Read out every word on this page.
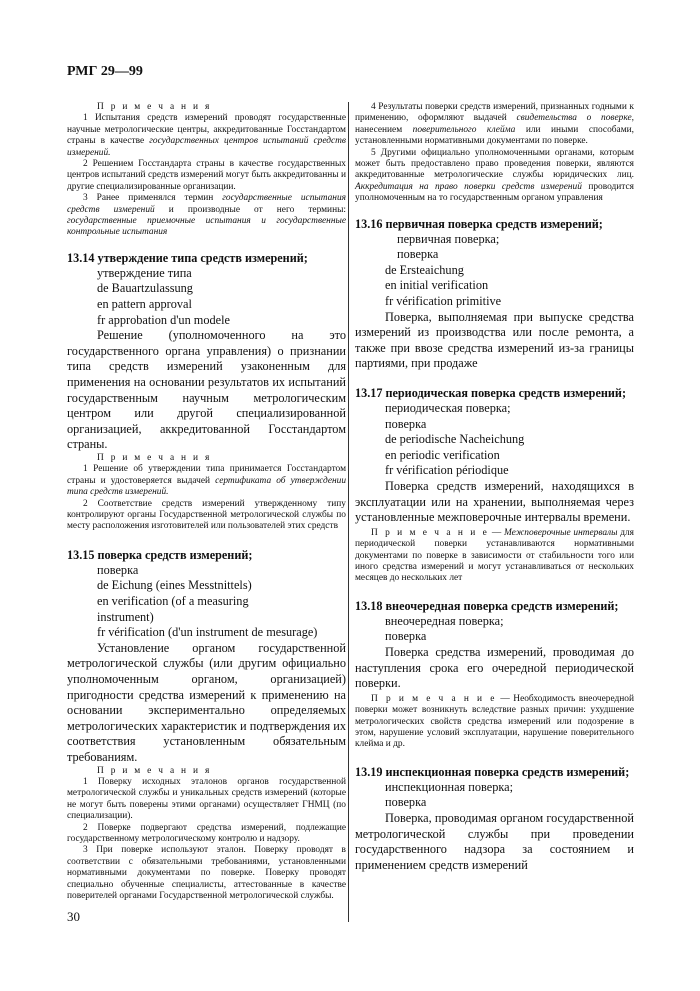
РМГ 29—99
П р и м е ч а н и я

1 Испытания средств измерений проводят государственные научные метрологические центры, аккредитованные Госстандартом страны в качестве государственных центров испытаний средств измерений.

2 Решением Госстандарта страны в качестве государственных центров испытаний средств измерений могут быть аккредитованны и другие специализированные организации.

3 Ранее применялся термин государственные испытания средств измерений и производные от него термины: государственные приемочные испытания и государственные контрольные испытания

13.14 утверждение типа средств измерений;

утверждение типа
de Bauartzulassung
en pattern approval
fr approbation d'un modele

Решение (уполномоченного на это государственного органа управления) о признании типа средств измерений узаконенным для применения на основании результатов их испытаний государственным научным метрологическим центром или другой специализированной организацией, аккредитованной Госстандартом страны.

П р и м е ч а н и я

1 Решение об утверждении типа принимается Госстандартом страны и удостоверяется выдачей сертификата об утверждении типа средств измерений.

2 Соответствие средств измерений утвержденному типу контролируют органы Государственной метрологической службы по месту расположения изготовителей или пользователей этих средств

13.15 поверка средств измерений;

поверка
de Eichung (eines Messtnittels)
en verification (of a measuring
instrument)
fr vérification (d'un instrument de mesurage)

Установление органом государственной метрологической службы (или другим официально уполномоченным органом, организацией) пригодности средства измерений к применению на основании экспериментально определяемых метрологических характеристик и подтверждения их соответствия установленным обязательным требованиям.

П р и м е ч а н и я

1 Поверку исходных эталонов органов государственной метрологической службы и уникальных средств измерений (которые не могут быть поверены этими органами) осуществляет ГНМЦ (по специализации).

2 Поверке подвергают средства измерений, подлежащие государственному метрологическому контролю и надзору.

3 При поверке используют эталон. Поверку проводят в соответствии с обязательными требованиями, установленными нормативными документами по поверке. Поверку проводят специально обученные специалисты, аттестованные в качестве поверителей органами Государственной метрологической службы.

4 Результаты поверки средств измерений, признанных годными к применению, оформляют выдачей свидетельства о поверке, нанесением поверительного клейма или иными способами, установленными нормативными документами по поверке.

5 Другими официально уполномоченными органами, которым может быть предоставлено право проведения поверки, являются аккредитованные метрологические службы юридических лиц. Аккредитация на право поверки средств измерений проводится уполномоченным на то государственным органом управления

13.16 первичная поверка средств измерений;

первичная поверка;
поверка
de Ersteaichung
en initial verification
fr vérification primitive

Поверка, выполняемая при выпуске средства измерений из производства или после ремонта, а также при ввозе средства измерений из-за границы партиями, при продаже

13.17 периодическая поверка средств измерений;

периодическая поверка;
поверка
de periodische Nacheichung
en periodic verification
fr vérification périodique

Поверка средств измерений, находящихся в эксплуатации или на хранении, выполняемая через установленные межповерочные интервалы времени.

П р и м е ч а н и е — Межповерочные интервалы для периодической поверки устанавливаются нормативными документами по поверке в зависимости от стабильности того или иного средства измерений и могут устанавливаться от нескольких месяцев до нескольких лет

13.18 внеочередная поверка средств измерений;

внеочередная поверка;
поверка

Поверка средства измерений, проводимая до наступления срока его очередной периодической поверки.

П р и м е ч а н и е — Необходимость внеочередной поверки может возникнуть вследствие разных причин: ухудшение метрологических свойств средства измерений или подозрение в этом, нарушение условий эксплуатации, нарушение поверительного клейма и др.

13.19 инспекционная поверка средств измерений;

инспекционная поверка;
поверка

Поверка, проводимая органом государственной метрологической службы при проведении государственного надзора за состоянием и применением средств измерений

30
